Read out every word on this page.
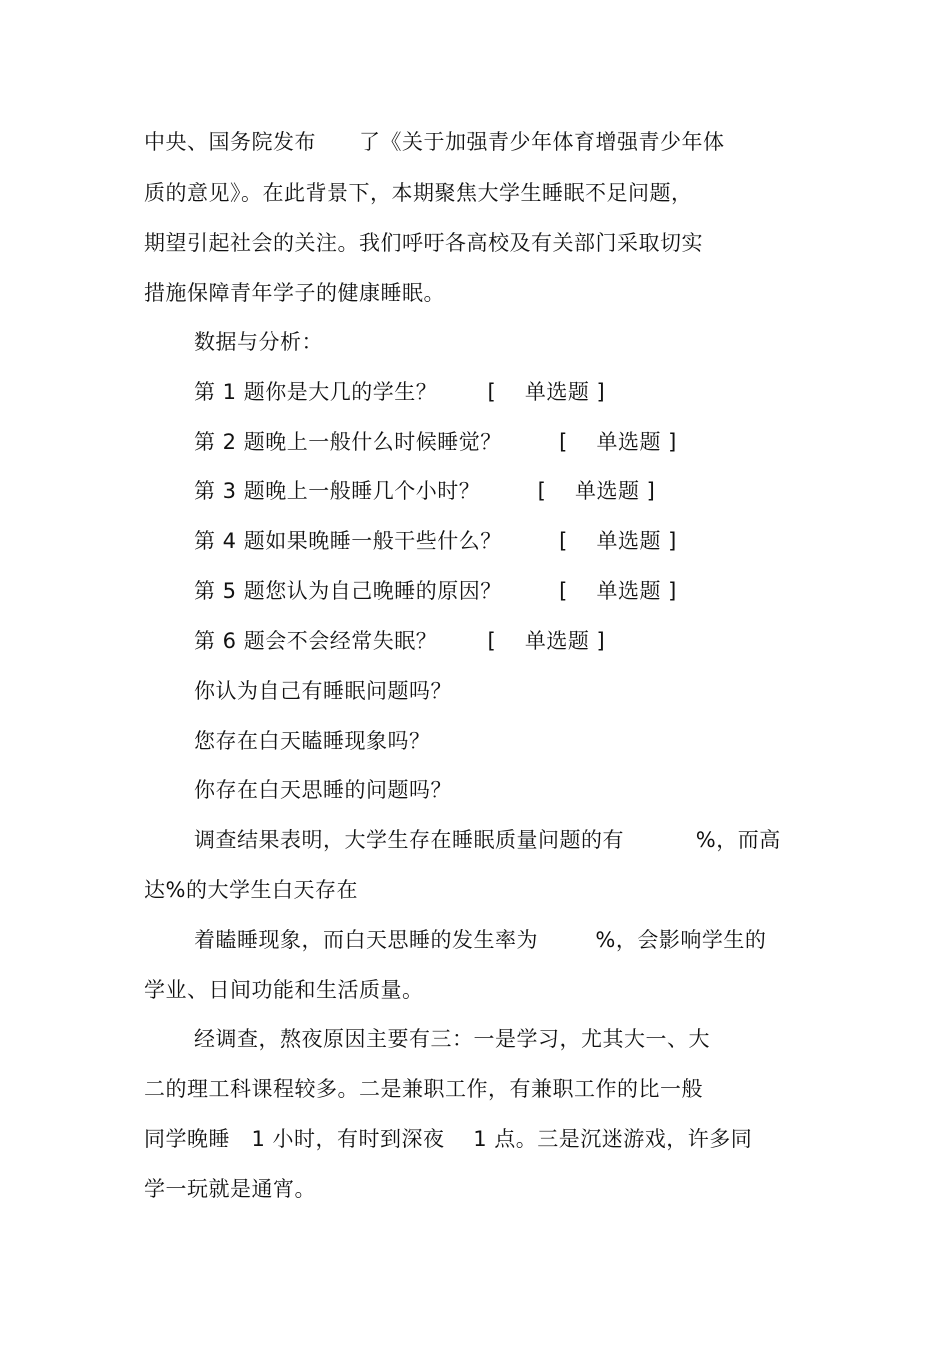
中央、国务院发布      了《关于加强青少年体育增强青少年体
质的意见》。在此背景下，本期聚焦大学生睡眠不足问题，
期望引起社会的关注。我们呼吁各高校及有关部门采取切实
措施保障青年学子的健康睡眠。
数据与分析：
第 1 题你是大几的学生？       [    单选题 ]
第 2 题晚上一般什么时候睡觉？        [    单选题 ]
第 3 题晚上一般睡几个小时？        [    单选题 ]
第 4 题如果晚睡一般干些什么？        [    单选题 ]
第 5 题您认为自己晚睡的原因？        [    单选题 ]
第 6 题会不会经常失眠？       [    单选题 ]
你认为自己有睡眠问题吗？
您存在白天瞌睡现象吗？
你存在白天思睡的问题吗？
调查结果表明，大学生存在睡眠质量问题的有          %，而高
达%的大学生白天存在
着瞌睡现象，而白天思睡的发生率为        %，会影响学生的
学业、日间功能和生活质量。
经调查，熬夜原因主要有三：一是学习，尤其大一、大
二的理工科课程较多。二是兼职工作，有兼职工作的比一般
同学晚睡   1 小时，有时到深夜    1 点。三是沉迷游戏，许多同
学一玩就是通宵。
